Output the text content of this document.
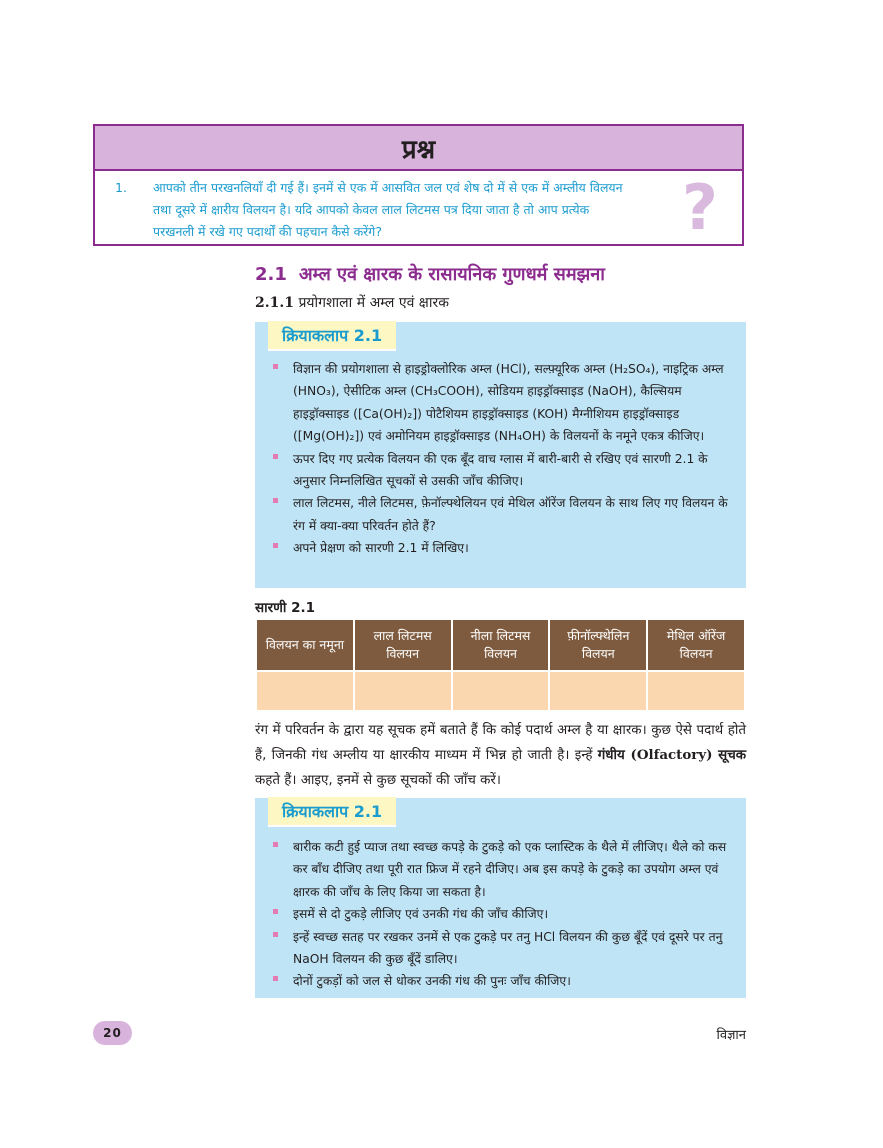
प्रश्न
1. आपको तीन परखनलियाँ दी गई हैं। इनमें से एक में आसवित जल एवं शेष दो में से एक में अम्लीय विलयन तथा दूसरे में क्षारीय विलयन है। यदि आपको केवल लाल लिटमस पत्र दिया जाता है तो आप प्रत्येक परखनली में रखे गए पदार्थों की पहचान कैसे करेंगे?	?
2.1 अम्ल एवं क्षारक के रासायनिक गुणधर्म समझना
2.1.1 प्रयोगशाला में अम्ल एवं क्षारक
क्रियाकलाप 2.1
विज्ञान की प्रयोगशाला से हाइड्रोक्लोरिक अम्ल (HCl), सल्फ़्यूरिक अम्ल (H₂SO₄), नाइट्रिक अम्ल (HNO₃), ऐसीटिक अम्ल (CH₃COOH), सोडियम हाइड्रॉक्साइड (NaOH), कैल्सियम हाइड्रॉक्साइड ([Ca(OH)₂]) पोटैशियम हाइड्रॉक्साइड (KOH) मैग्नीशियम हाइड्रॉक्साइड ([Mg(OH)₂]) एवं अमोनियम हाइड्रॉक्साइड (NH₄OH) के विलयनों के नमूने एकत्र कीजिए।
ऊपर दिए गए प्रत्येक विलयन की एक बूँद वाच ग्लास में बारी-बारी से रखिए एवं सारणी 2.1 के अनुसार निम्नलिखित सूचकों से उसकी जाँच कीजिए।
लाल लिटमस, नीले लिटमस, फ़ेनॉल्फ्थेलियन एवं मेथिल ऑरेंज विलयन के साथ लिए गए विलयन के रंग में क्या-क्या परिवर्तन होते हैं?
अपने प्रेक्षण को सारणी 2.1 में लिखिए।
सारणी 2.1
विलयन का नमूना	लाल लिटमस विलयन	नीला लिटमस विलयन	फ़ीनॉल्फ्थेलिन विलयन	मेथिल ऑरेंज विलयन

रंग में परिवर्तन के द्वारा यह सूचक हमें बताते हैं कि कोई पदार्थ अम्ल है या क्षारक। कुछ ऐसे पदार्थ होते हैं, जिनकी गंध अम्लीय या क्षारकीय माध्यम में भिन्न हो जाती है। इन्हें गंधीय (Olfactory) सूचक कहते हैं। आइए, इनमें से कुछ सूचकों की जाँच करें।
क्रियाकलाप 2.1
बारीक कटी हुई प्याज तथा स्वच्छ कपड़े के टुकड़े को एक प्लास्टिक के थैले में लीजिए। थैले को कस कर बाँध दीजिए तथा पूरी रात फ्रिज में रहने दीजिए। अब इस कपड़े के टुकड़े का उपयोग अम्ल एवं क्षारक की जाँच के लिए किया जा सकता है।
इसमें से दो टुकड़े लीजिए एवं उनकी गंध की जाँच कीजिए।
इन्हें स्वच्छ सतह पर रखकर उनमें से एक टुकड़े पर तनु HCl विलयन की कुछ बूँदें एवं दूसरे पर तनु NaOH विलयन की कुछ बूँदें डालिए।
दोनों टुकड़ों को जल से धोकर उनकी गंध की पुनः जाँच कीजिए।
20	विज्ञान
